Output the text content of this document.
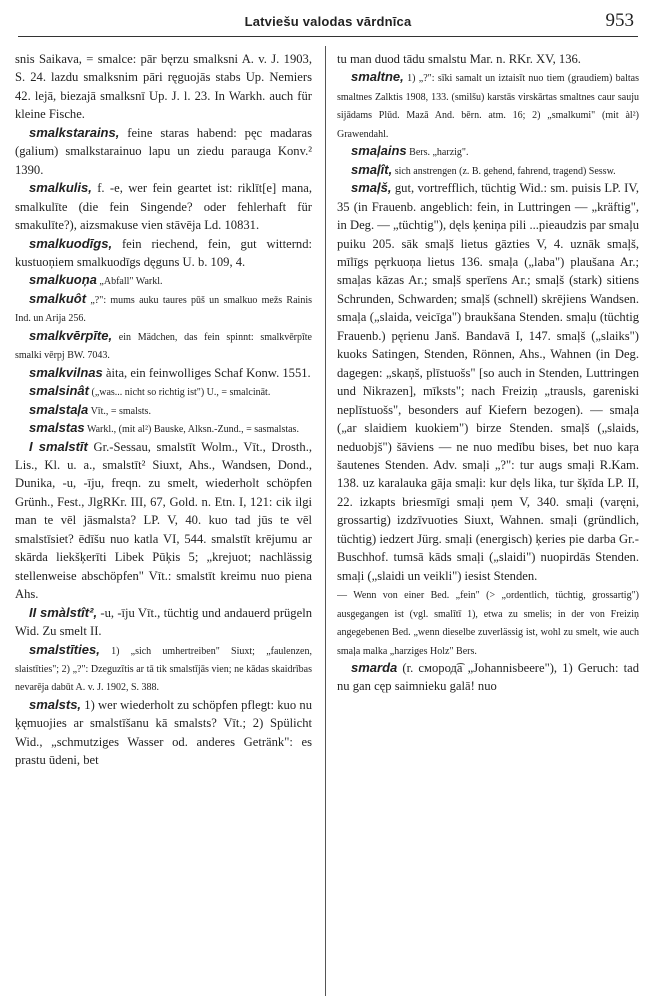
Latviešu valodas vārdnīca	953

snis Saikava, = smalce: pār bęrzu smalksni A. v. J. 1903, S. 24. lazdu smalksnim pāri ręguojās stabs Up. Nemiers 42. lejā, biezajā smalksnī Up. J. l. 23. In Warkh. auch für kleine Fische.

smalkstarains, feine staras habend: pęc madaras (galium) smalkstarainuo lapu un ziedu parauga Konv.² 1390.

smalkulis, f. -e, wer fein geartet ist: riklīt[e] mana, smalkulīte (die fein Singende? oder fehlerhaft für smakulīte?), aizsmakuse vien stāvēja Ld. 10831.

smalkuodīgs, fein riechend, fein, gut witternd: kustuoņiem smalkuodīgs dęguns U. b. 109, 4.

smalkuoņa „Abfall" Warkl.

smalkuôt „?": mums auku taures pūš un smalkuo mežs Rainis Ind. un Arija 256.

smalkvērpīte, ein Mädchen, das fein spinnt: smalkvērpīte smalki vērpj BW. 7043.

smalkvilnas àita, ein feinwolliges Schaf Konw. 1551.

smalsinât („was... nicht so richtig ist") U., = smalcināt.

smalstaļa Vīt., = smalsts.

smalstas Warkl., (mit al²) Bauske, Alksn.-Zund., = sasmalstas.

I smalstīt Gr.-Sessau, smalstīt Wolm., Vīt., Drosth., Lis., Kl. u. a., smalstīt² Siuxt, Ahs., Wandsen, Dond., Dunika, -u, -īju, freqn. zu smelt, wiederholt schöpfen Grünh., Fest., JlgRKr. III, 67, Gold. n. Etn. I, 121: cik ilgi man te vēl jāsmalsta? LP. V, 40. kuo tad jūs te vēl smalstīsiet? ēdīšu nuo katla VI, 544. smalstīt krējumu ar skārda liekšķerīti Libek Pūķis 5; „krejuot; nachlässig stellenweise abschöpfen" Vīt.: smalstīt kreimu nuo piena Ahs.

II smàlstît², -u, -īju Vīt., tüchtig und andauerd prügeln Wid. Zu smelt II.

smalstīties, 1) „sich umhertreiben" Siuxt; „faulenzen, slaistīties"; 2) „?": Dzeguzītis ar tā tik smalstījās vien; ne kādas skaidrības nevarēja dabūt A. v. J. 1902, S. 388.

smalsts, 1) wer wiederholt zu schöpfen pflegt: kuo nu ķęmuojies ar smalstīšanu kā smalsts? Vīt.; 2) Spülicht Wid., „schmutziges Wasser od. anderes Getränk": es prastu ūdeni, bet

tu man duod tādu smalstu Mar. n. RKr. XV, 136.

smaltne, 1) „?": sīki samalt un iztaisīt nuo tiem (graudiem) baltas smaltnes Zalktis 1908, 133. (smilšu) karstās virskārtas smaltnes caur sauju sijādams Plūd. Mazā And. bērn. atm. 16; 2) „smalkumi" (mit àl²) Grawendahl.

smaļains Bers. „harzig".

smaļît, sich anstrengen (z. B. gehend, fahrend, tragend) Sessw.

smaļš, gut, vortrefflich, tüchtig Wid.: sm. puisis LP. IV, 35 (in Frauenb. angeblich: fein, in Luttringen — „kräftig", in Deg. — „tüchtig"), dęls ķeniņa pili ...pieaudzis par smaļu puiku 205. sāk smaļš lietus gāzties V, 4. uznāk smaļš, mīlīgs pęrkuoņa lietus 136. smaļa („laba") plaušana Ar.; smaļas kāzas Ar.; smaļš sperīens Ar.; smaļš (stark) sitiens Schrunden, Schwarden; smaļš (schnell) skrējiens Wandsen. smaļa („slaida, veicīga") braukšana Stenden. smaļu (tüchtig Frauenb.) pęrienu Janš. Bandavā I, 147. smaļš („slaiks") kuoks Satingen, Stenden, Rönnen, Ahs., Wahnen (in Deg. dagegen: „skaņš, plīstuošs" [so auch in Stenden, Luttringen und Nikrazen], mīksts"; nach Freiziņ „trausls, gareniski neplīstuošs", besonders auf Kiefern bezogen). — smaļa („ar slaidiem kuokiem") birze Stenden. smaļš („slaids, neduobjš") šāviens — ne nuo medību bises, bet nuo kaŗa šautenes Stenden. Adv. smaļi „?": tur augs smaļi R.Kam. 138. uz karalauka gāja smaļi: kur dęls lika, tur šķīda LP. II, 22. izkapts briesmīgi smaļi ņem V, 340. smaļi (varęni, grossartig) izdzīvuoties Siuxt, Wahnen. smaļi (gründlich, tüchtig) iedzert Jürg. smaļi (energisch) ķeries pie darba Gr.-Buschhof. tumsā kāds smaļi („slaidi") nuopirdās Stenden. smaļi („slaidi un veikli") iesist Stenden.

— Wenn von einer Bed. „fein" (> „ordentlich, tüchtig, grossartig") ausgegangen ist (vgl. smalītī 1), etwa zu smelis; in der von Freiziņ angegebenen Bed. „wenn dieselbe zuverlässig ist, wohl zu smelt, wie auch smaļa malka „harziges Holz" Bers.

smarda (r. смород͡а „Johannisbeere"), 1) Geruch: tad nu gan cęp saimnieku galā! nuo
